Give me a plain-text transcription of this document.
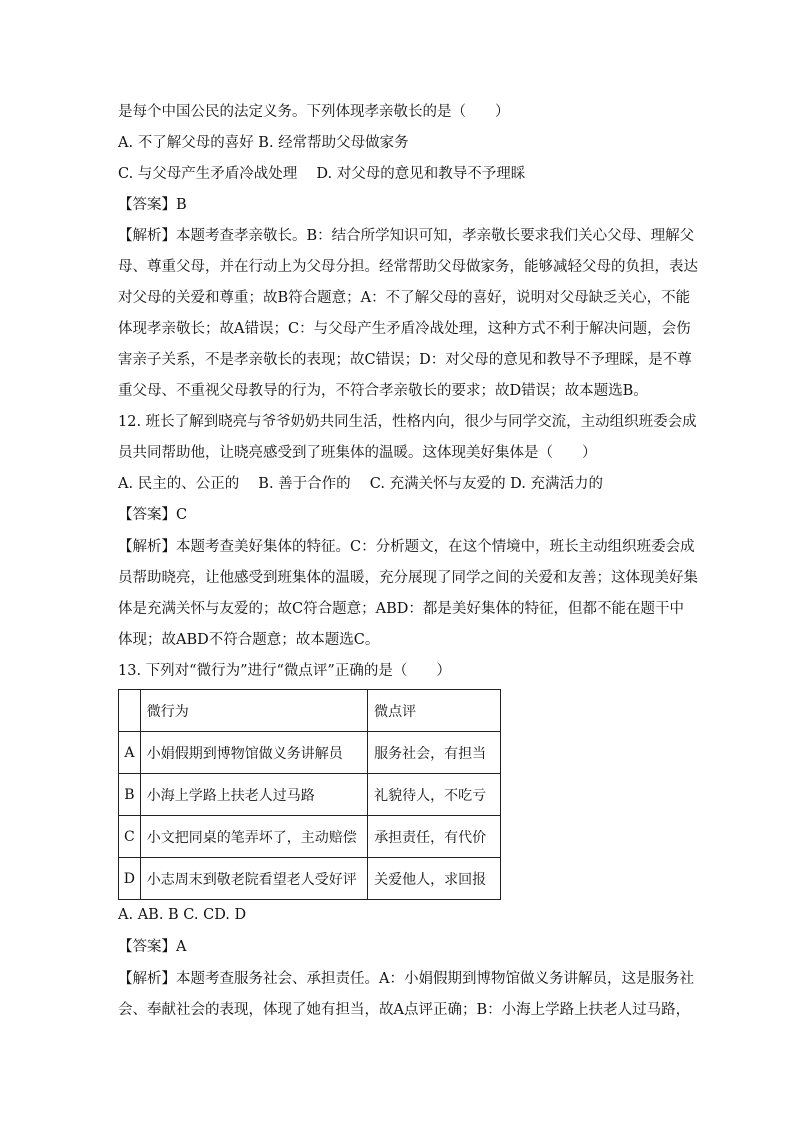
是每个中国公民的法定义务。下列体现孝亲敬长的是（　　）
A. 不了解父母的喜好 B. 经常帮助父母做家务
C. 与父母产生矛盾冷战处理　 D. 对父母的意见和教导不予理睬
【答案】B
【解析】本题考查孝亲敬长。B：结合所学知识可知，孝亲敬长要求我们关心父母、理解父
母、尊重父母，并在行动上为父母分担。经常帮助父母做家务，能够减轻父母的负担，表达
对父母的关爱和尊重；故B符合题意；A：不了解父母的喜好，说明对父母缺乏关心，不能
体现孝亲敬长；故A错误；C：与父母产生矛盾冷战处理，这种方式不利于解决问题，会伤
害亲子关系，不是孝亲敬长的表现；故C错误；D：对父母的意见和教导不予理睬，是不尊
重父母、不重视父母教导的行为，不符合孝亲敬长的要求；故D错误；故本题选B。
12. 班长了解到晓亮与爷爷奶奶共同生活，性格内向，很少与同学交流，主动组织班委会成
员共同帮助他，让晓亮感受到了班集体的温暖。这体现美好集体是（　　）
A. 民主的、公正的　 B. 善于合作的　 C. 充满关怀与友爱的 D. 充满活力的
【答案】C
【解析】本题考查美好集体的特征。C：分析题文，在这个情境中，班长主动组织班委会成
员帮助晓亮，让他感受到班集体的温暖，充分展现了同学之间的关爱和友善；这体现美好集
体是充满关怀与友爱的；故C符合题意；ABD：都是美好集体的特征，但都不能在题干中
体现；故ABD不符合题意；故本题选C。
13. 下列对“微行为”进行“微点评”正确的是（　　）
	微行为	微点评
A	小娟假期到博物馆做义务讲解员	服务社会，有担当
B	小海上学路上扶老人过马路	礼貌待人，不吃亏
C	小文把同桌的笔弄坏了，主动赔偿	承担责任，有代价
D	小志周末到敬老院看望老人受好评	关爱他人，求回报
A. AB. B C. CD. D
【答案】A
【解析】本题考查服务社会、承担责任。A：小娟假期到博物馆做义务讲解员，这是服务社
会、奉献社会的表现，体现了她有担当，故A点评正确；B：小海上学路上扶老人过马路，
